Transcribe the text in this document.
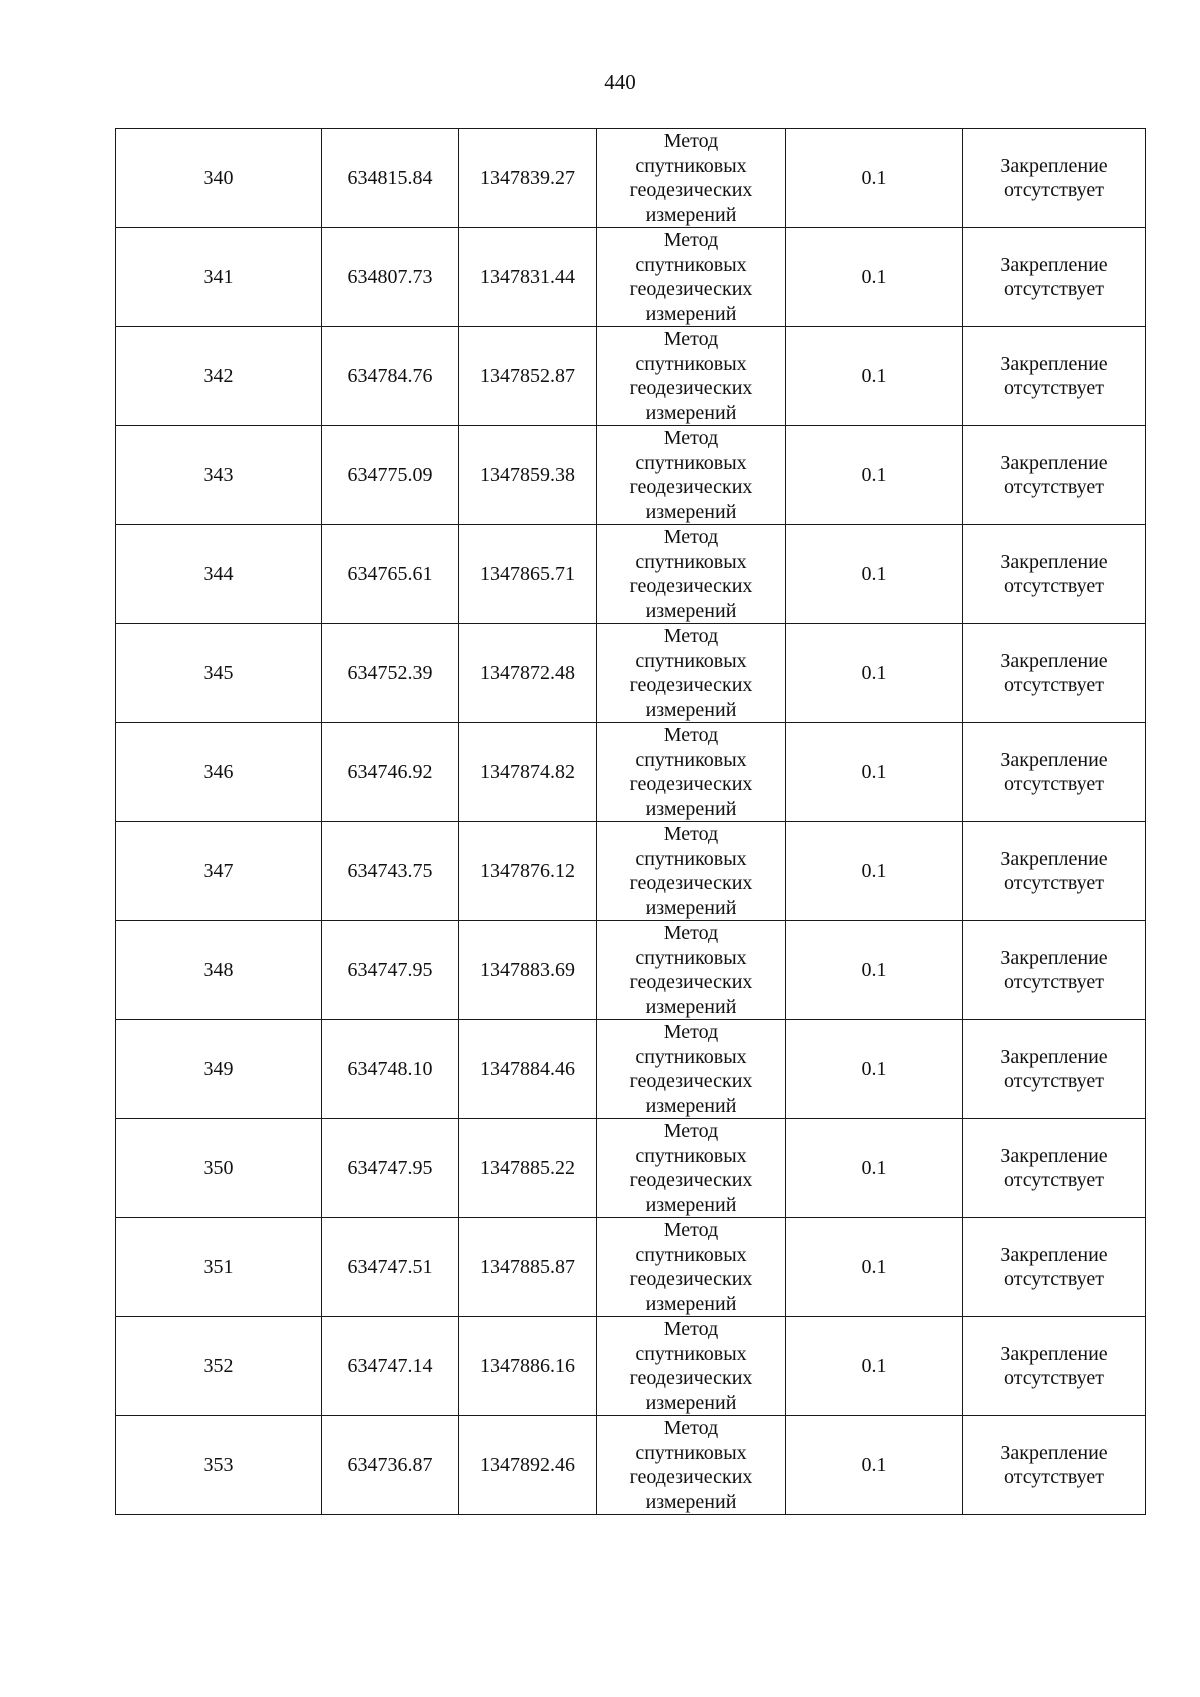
440
340	634815.84	1347839.27	Метод
спутниковых
геодезических
измерений	0.1	Закрепление
отсутствует

341	634807.73	1347831.44	Метод
спутниковых
геодезических
измерений	0.1	Закрепление
отсутствует

342	634784.76	1347852.87	Метод
спутниковых
геодезических
измерений	0.1	Закрепление
отсутствует

343	634775.09	1347859.38	Метод
спутниковых
геодезических
измерений	0.1	Закрепление
отсутствует

344	634765.61	1347865.71	Метод
спутниковых
геодезических
измерений	0.1	Закрепление
отсутствует

345	634752.39	1347872.48	Метод
спутниковых
геодезических
измерений	0.1	Закрепление
отсутствует

346	634746.92	1347874.82	Метод
спутниковых
геодезических
измерений	0.1	Закрепление
отсутствует

347	634743.75	1347876.12	Метод
спутниковых
геодезических
измерений	0.1	Закрепление
отсутствует

348	634747.95	1347883.69	Метод
спутниковых
геодезических
измерений	0.1	Закрепление
отсутствует

349	634748.10	1347884.46	Метод
спутниковых
геодезических
измерений	0.1	Закрепление
отсутствует

350	634747.95	1347885.22	Метод
спутниковых
геодезических
измерений	0.1	Закрепление
отсутствует

351	634747.51	1347885.87	Метод
спутниковых
геодезических
измерений	0.1	Закрепление
отсутствует

352	634747.14	1347886.16	Метод
спутниковых
геодезических
измерений	0.1	Закрепление
отсутствует

353	634736.87	1347892.46	Метод
спутниковых
геодезических
измерений	0.1	Закрепление
отсутствует
